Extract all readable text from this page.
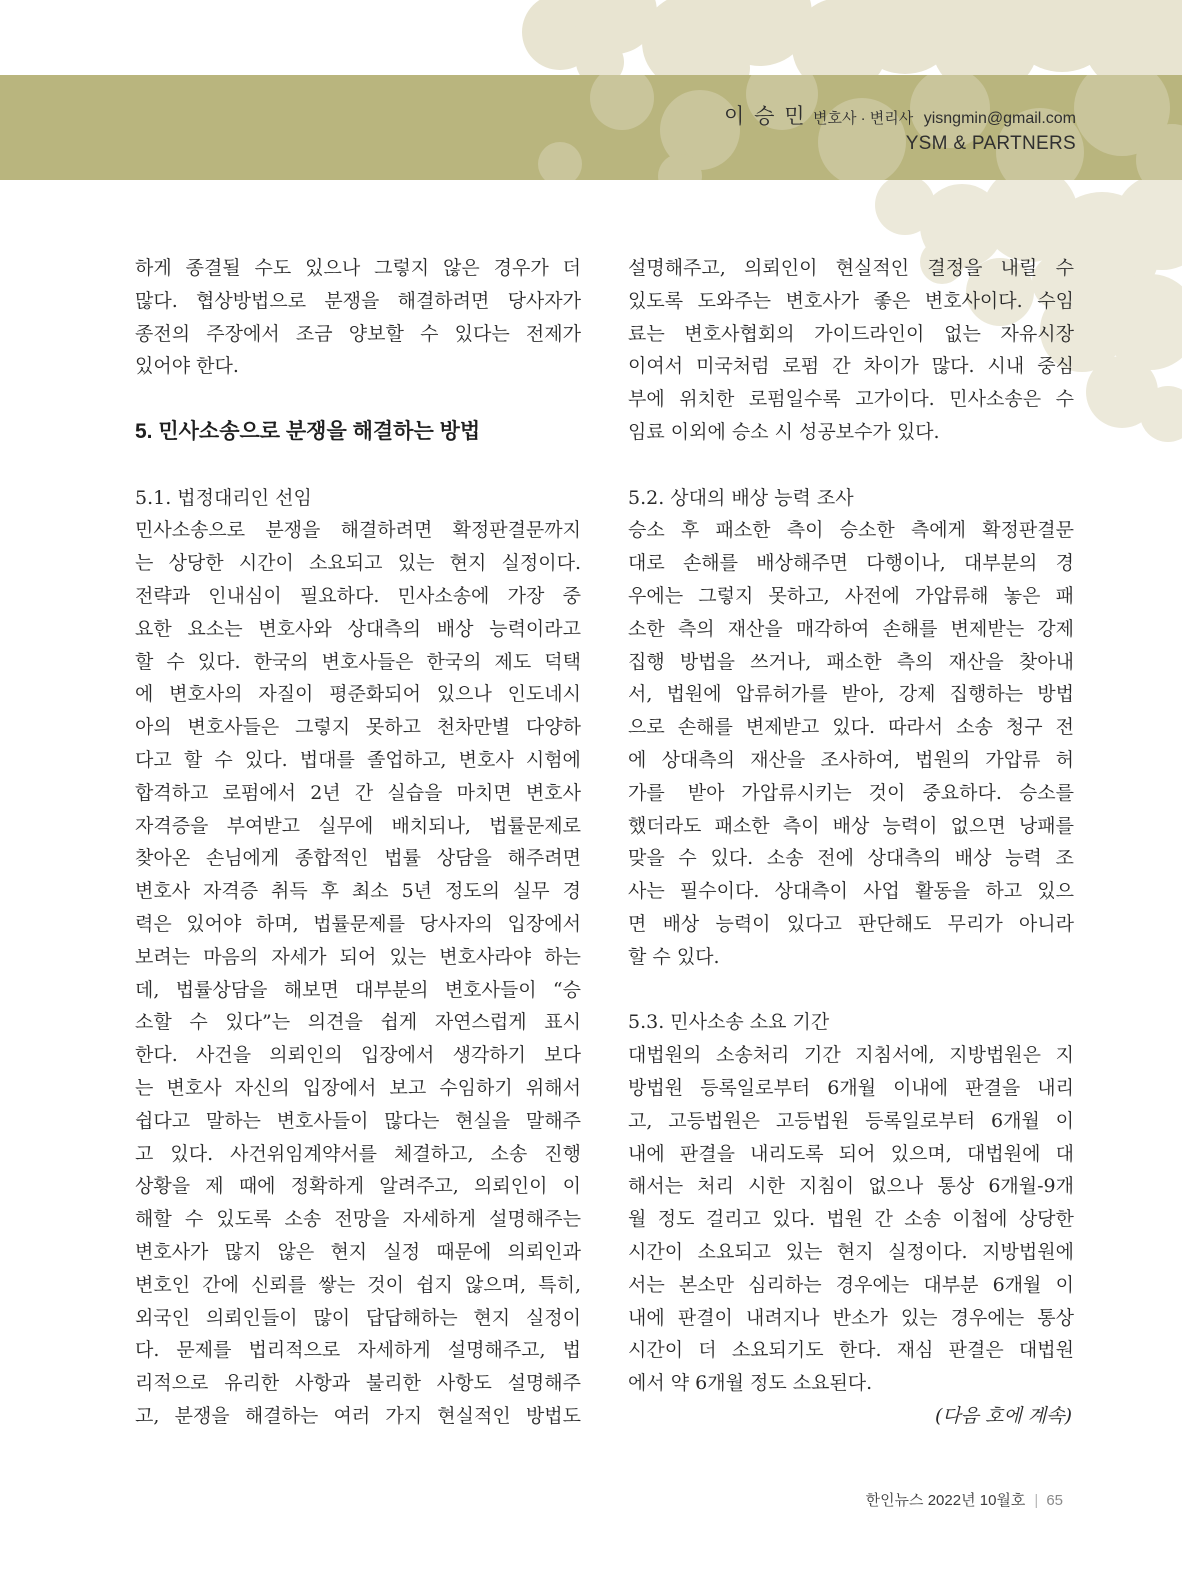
이 승 민 변호사 · 변리사 yisngmin@gmail.com
YSM & PARTNERS
하게 종결될 수도 있으나 그렇지 않은 경우가 더
많다. 협상방법으로 분쟁을 해결하려면 당사자가
종전의 주장에서 조금 양보할 수 있다는 전제가
있어야 한다.
5. 민사소송으로 분쟁을 해결하는 방법
5.1. 법정대리인 선임
민사소송으로 분쟁을 해결하려면 확정판결문까지
는 상당한 시간이 소요되고 있는 현지 실정이다.
전략과 인내심이 필요하다. 민사소송에 가장 중
요한 요소는 변호사와 상대측의 배상 능력이라고
할 수 있다. 한국의 변호사들은 한국의 제도 덕택
에 변호사의 자질이 평준화되어 있으나 인도네시
아의 변호사들은 그렇지 못하고 천차만별 다양하
다고 할 수 있다. 법대를 졸업하고, 변호사 시험에
합격하고 로펌에서 2년 간 실습을 마치면 변호사
자격증을 부여받고 실무에 배치되나, 법률문제로
찾아온 손님에게 종합적인 법률 상담을 해주려면
변호사 자격증 취득 후 최소 5년 정도의 실무 경
력은 있어야 하며, 법률문제를 당사자의 입장에서
보려는 마음의 자세가 되어 있는 변호사라야 하는
데, 법률상담을 해보면 대부분의 변호사들이 “승
소할 수 있다”는 의견을 쉽게 자연스럽게 표시
한다. 사건을 의뢰인의 입장에서 생각하기 보다
는 변호사 자신의 입장에서 보고 수임하기 위해서
쉽다고 말하는 변호사들이 많다는 현실을 말해주
고 있다. 사건위임계약서를 체결하고, 소송 진행
상황을 제 때에 정확하게 알려주고, 의뢰인이 이
해할 수 있도록 소송 전망을 자세하게 설명해주는
변호사가 많지 않은 현지 실정 때문에 의뢰인과
변호인 간에 신뢰를 쌓는 것이 쉽지 않으며, 특히,
외국인 의뢰인들이 많이 답답해하는 현지 실정이
다. 문제를 법리적으로 자세하게 설명해주고, 법
리적으로 유리한 사항과 불리한 사항도 설명해주
고, 분쟁을 해결하는 여러 가지 현실적인 방법도
설명해주고, 의뢰인이 현실적인 결정을 내릴 수
있도록 도와주는 변호사가 좋은 변호사이다. 수임
료는 변호사협회의 가이드라인이 없는 자유시장
이여서 미국처럼 로펌 간 차이가 많다. 시내 중심
부에 위치한 로펌일수록 고가이다. 민사소송은 수
임료 이외에 승소 시 성공보수가 있다.
5.2. 상대의 배상 능력 조사
승소 후 패소한 측이 승소한 측에게 확정판결문
대로 손해를 배상해주면 다행이나, 대부분의 경
우에는 그렇지 못하고, 사전에 가압류해 놓은 패
소한 측의 재산을 매각하여 손해를 변제받는 강제
집행 방법을 쓰거나, 패소한 측의 재산을 찾아내
서, 법원에 압류허가를 받아, 강제 집행하는 방법
으로 손해를 변제받고 있다. 따라서 소송 청구 전
에 상대측의 재산을 조사하여, 법원의 가압류 허
가를 받아 가압류시키는 것이 중요하다. 승소를
했더라도 패소한 측이 배상 능력이 없으면 낭패를
맞을 수 있다. 소송 전에 상대측의 배상 능력 조
사는 필수이다. 상대측이 사업 활동을 하고 있으
면 배상 능력이 있다고 판단해도 무리가 아니라
할 수 있다.
5.3. 민사소송 소요 기간
대법원의 소송처리 기간 지침서에, 지방법원은 지
방법원 등록일로부터 6개월 이내에 판결을 내리
고, 고등법원은 고등법원 등록일로부터 6개월 이
내에 판결을 내리도록 되어 있으며, 대법원에 대
해서는 처리 시한 지침이 없으나 통상 6개월-9개
월 정도 걸리고 있다. 법원 간 소송 이첩에 상당한
시간이 소요되고 있는 현지 실정이다. 지방법원에
서는 본소만 심리하는 경우에는 대부분 6개월 이
내에 판결이 내려지나 반소가 있는 경우에는 통상
시간이 더 소요되기도 한다. 재심 판결은 대법원
에서 약 6개월 정도 소요된다.
(다음 호에 계속)
한인뉴스 2022년 10월호 | 65
